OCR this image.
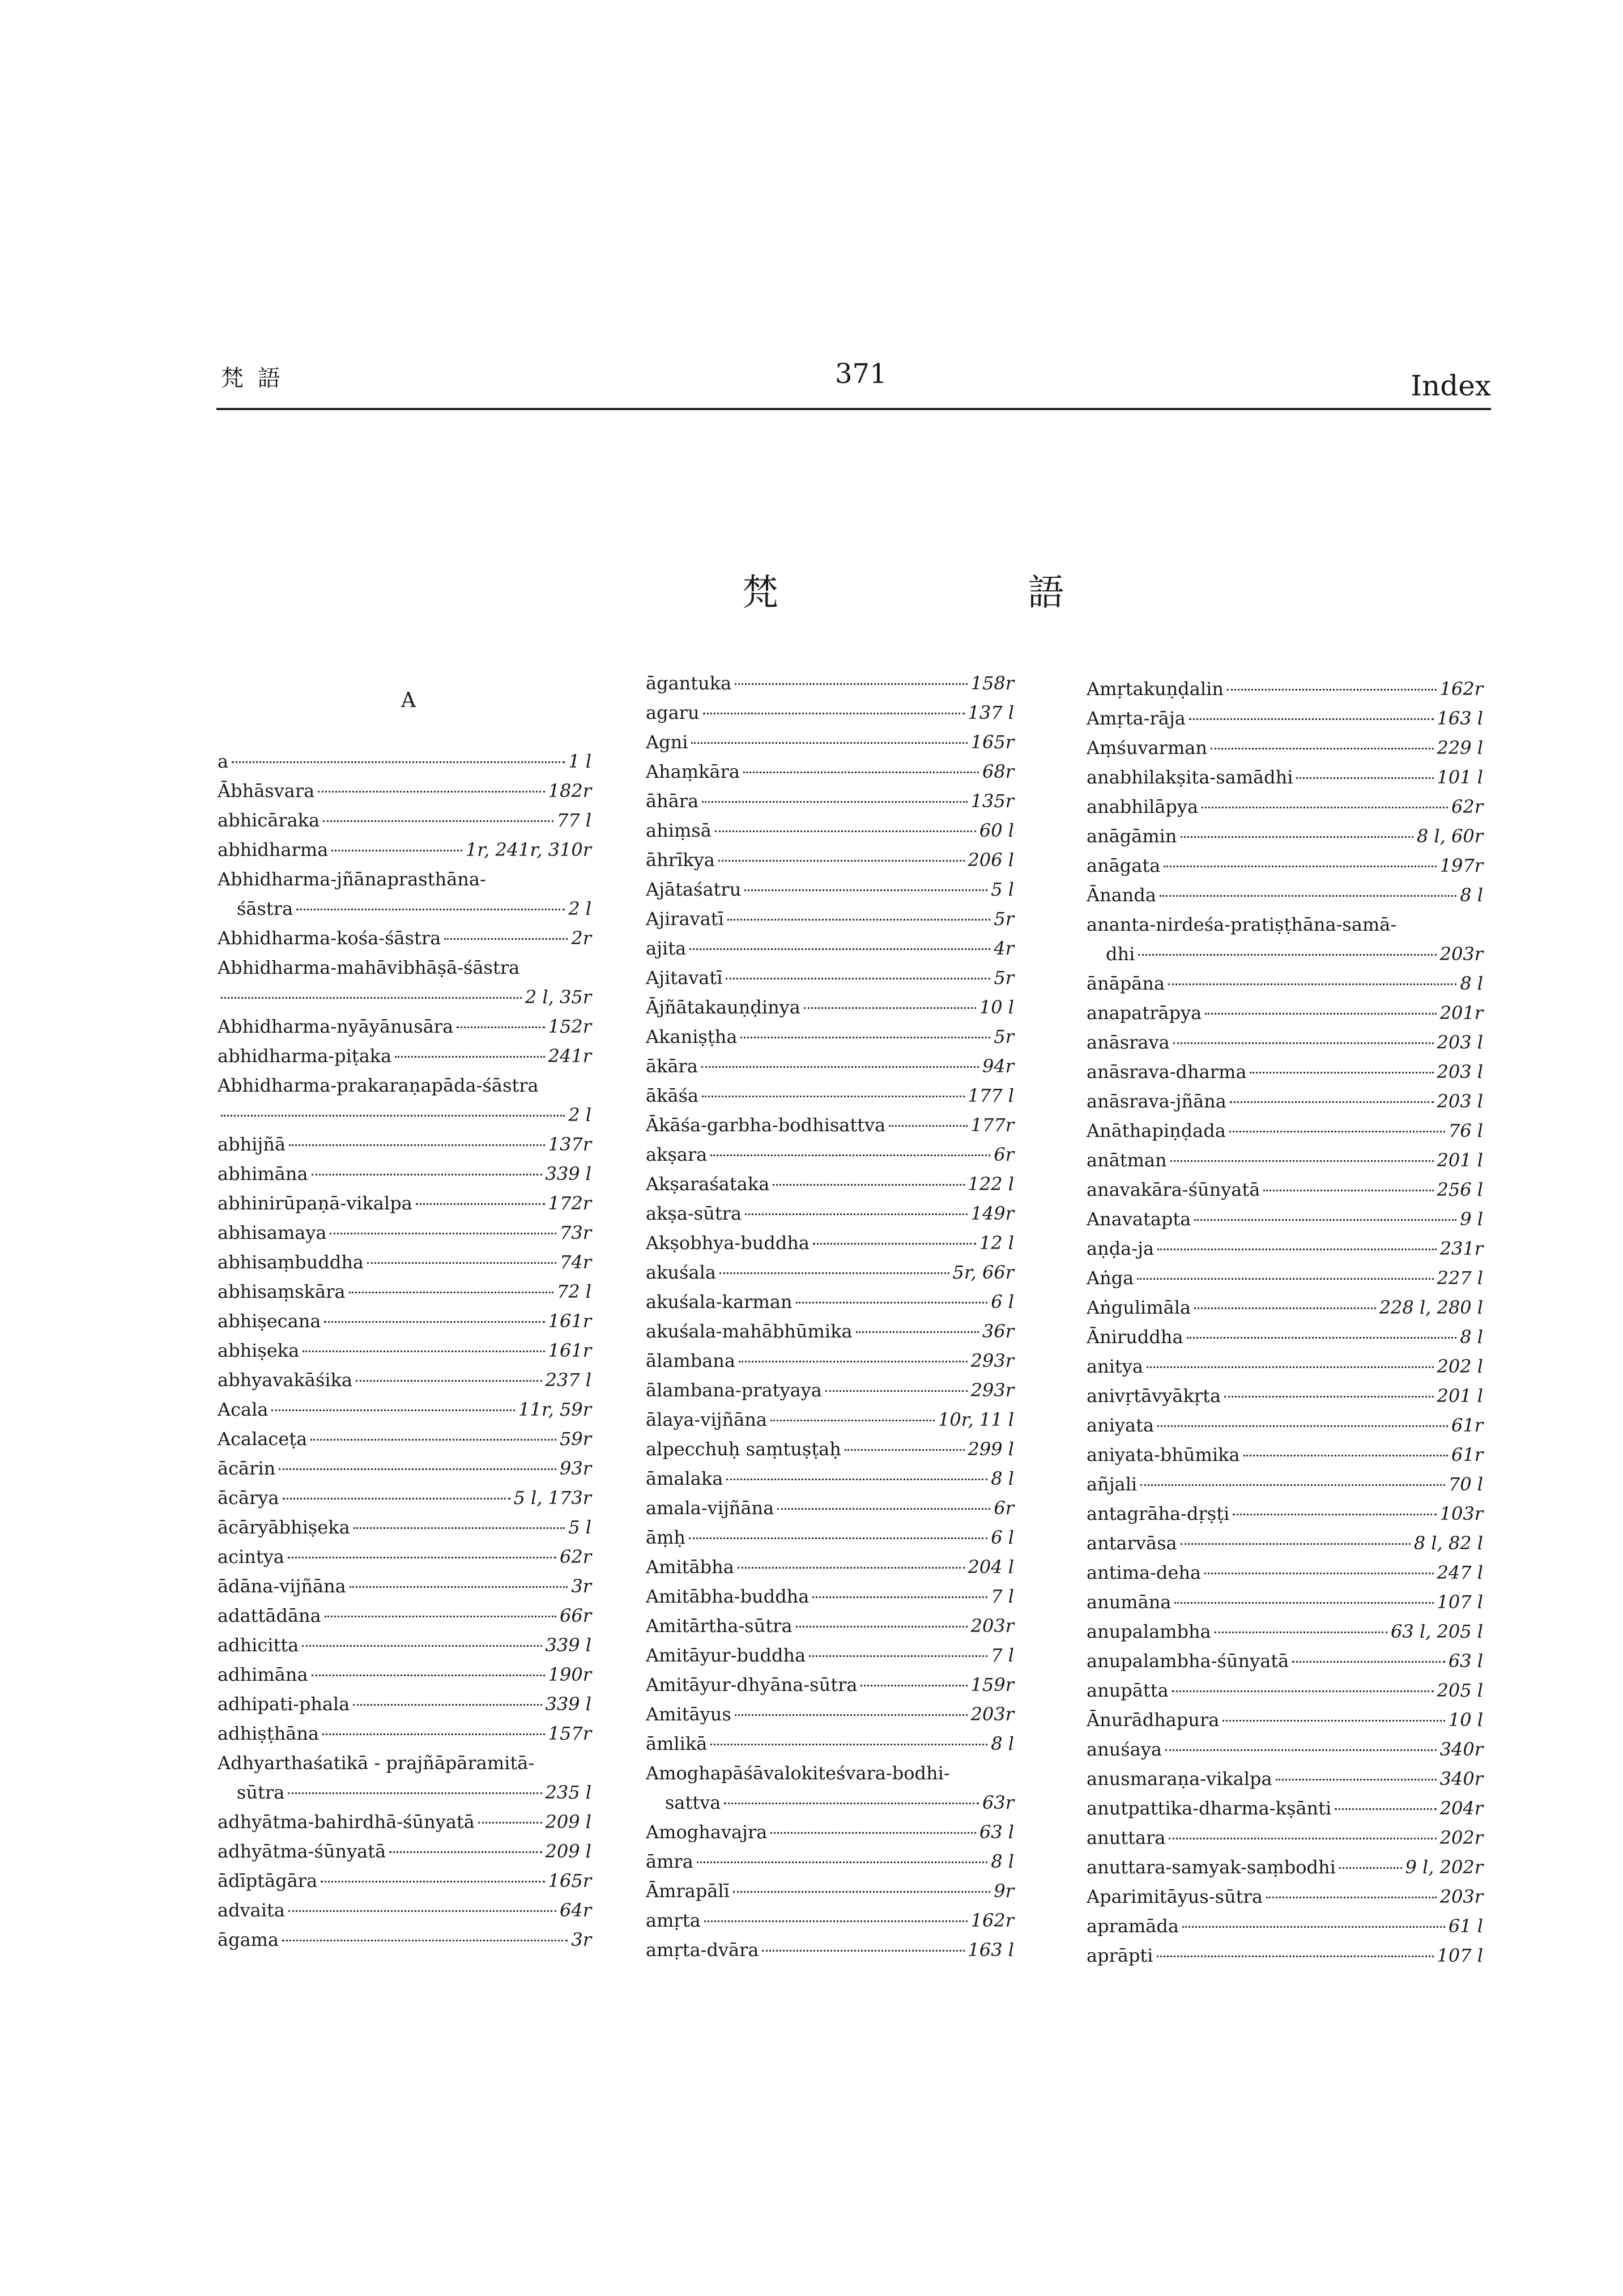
梵 語	371	Index
梵 語
A
a	1 l
Ābhāsvara	182r
abhicāraka	77 l
abhidharma	1r, 241r, 310r
Abhidharma-jñānaprasthāna-
śāstra	2 l
Abhidharma-kośa-śāstra	2r
Abhidharma-mahāvibhāṣā-śāstra
2 l, 35r
Abhidharma-nyāyānusāra	152r
abhidharma-piṭaka	241r
Abhidharma-prakaraṇapāda-śāstra
2 l
abhijñā	137r
abhimāna	339 l
abhinirūpaṇā-vikalpa	172r
abhisamaya	73r
abhisaṃbuddha	74r
abhisaṃskāra	72 l
abhiṣecana	161r
abhiṣeka	161r
abhyavakāśika	237 l
Acala	11r, 59r
Acalaceṭa	59r
ācārin	93r
ācārya	5 l, 173r
ācāryābhiṣeka	5 l
acintya	62r
ādāna-vijñāna	3r
adattādāna	66r
adhicitta	339 l
adhimāna	190r
adhipati-phala	339 l
adhiṣṭhāna	157r
Adhyarthaśatikā - prajñāpāramitā-
sūtra	235 l
adhyātma-bahirdhā-śūnyatā	209 l
adhyātma-śūnyatā	209 l
ādīptāgāra	165r
advaita	64r
āgama	3r
āgantuka	158r
agaru	137 l
Agni	165r
Ahaṃkāra	68r
āhāra	135r
ahiṃsā	60 l
āhrīkya	206 l
Ajātaśatru	5 l
Ajiravatī	5r
ajita	4r
Ajitavatī	5r
Ājñātakauṇḍinya	10 l
Akaniṣṭha	5r
ākāra	94r
ākāśa	177 l
Ākāśa-garbha-bodhisattva	177r
akṣara	6r
Akṣaraśataka	122 l
akṣa-sūtra	149r
Akṣobhya-buddha	12 l
akuśala	5r, 66r
akuśala-karman	6 l
akuśala-mahābhūmika	36r
ālambana	293r
ālambana-pratyaya	293r
ālaya-vijñāna	10r, 11 l
alpecchuḥ saṃtuṣṭaḥ	299 l
āmalaka	8 l
amala-vijñāna	6r
āṃḥ	6 l
Amitābha	204 l
Amitābha-buddha	7 l
Amitārtha-sūtra	203r
Amitāyur-buddha	7 l
Amitāyur-dhyāna-sūtra	159r
Amitāyus	203r
āmlikā	8 l
Amoghapāśāvalokiteśvara-bodhi-
sattva	63r
Amoghavajra	63 l
āmra	8 l
Āmrapālī	9r
amṛta	162r
amṛta-dvāra	163 l
Amṛtakuṇḍalin	162r
Amṛta-rāja	163 l
Aṃśuvarman	229 l
anabhilakṣita-samādhi	101 l
anabhilāpya	62r
anāgāmin	8 l, 60r
anāgata	197r
Ānanda	8 l
ananta-nirdeśa-pratiṣṭhāna-samā-
dhi	203r
ānāpāna	8 l
anapatrāpya	201r
anāsrava	203 l
anāsrava-dharma	203 l
anāsrava-jñāna	203 l
Anāthapiṇḍada	76 l
anātman	201 l
anavakāra-śūnyatā	256 l
Anavatapta	9 l
aṇḍa-ja	231r
Aṅga	227 l
Aṅgulimāla	228 l, 280 l
Āniruddha	8 l
anitya	202 l
anivṛtāvyākṛta	201 l
aniyata	61r
aniyata-bhūmika	61r
añjali	70 l
antagrāha-dṛṣṭi	103r
antarvāsa	8 l, 82 l
antima-deha	247 l
anumāna	107 l
anupalambha	63 l, 205 l
anupalambha-śūnyatā	63 l
anupātta	205 l
Ānurādhapura	10 l
anuśaya	340r
anusmaraṇa-vikalpa	340r
anutpattika-dharma-kṣānti	204r
anuttara	202r
anuttara-samyak-saṃbodhi	9 l, 202r
Aparimitāyus-sūtra	203r
apramāda	61 l
aprāpti	107 l
